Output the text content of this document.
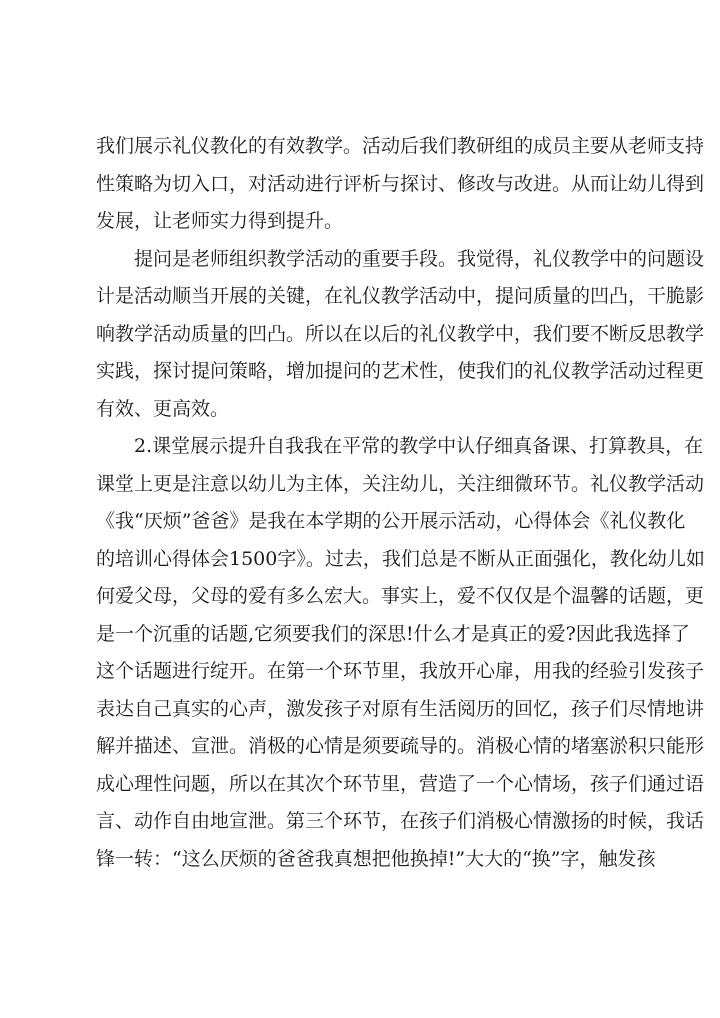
我们展示礼仪教化的有效教学。活动后我们教研组的成员主要从老师支持
性策略为切入口，对活动进行评析与探讨、修改与改进。从而让幼儿得到
发展，让老师实力得到提升。
提问是老师组织教学活动的重要手段。我觉得，礼仪教学中的问题设
计是活动顺当开展的关键，在礼仪教学活动中，提问质量的凹凸，干脆影
响教学活动质量的凹凸。所以在以后的礼仪教学中，我们要不断反思教学
实践，探讨提问策略，增加提问的艺术性，使我们的礼仪教学活动过程更
有效、更高效。
2.课堂展示提升自我我在平常的教学中认仔细真备课、打算教具，在
课堂上更是注意以幼儿为主体，关注幼儿，关注细微环节。礼仪教学活动
《我“厌烦”爸爸》是我在本学期的公开展示活动，心得体会《礼仪教化
的培训心得体会1500字》。过去，我们总是不断从正面强化，教化幼儿如
何爱父母，父母的爱有多么宏大。事实上，爱不仅仅是个温馨的话题，更
是一个沉重的话题,它须要我们的深思!什么才是真正的爱?因此我选择了
这个话题进行绽开。在第一个环节里，我放开心扉，用我的经验引发孩子
表达自己真实的心声，激发孩子对原有生活阅历的回忆，孩子们尽情地讲
解并描述、宣泄。消极的心情是须要疏导的。消极心情的堵塞淤积只能形
成心理性问题，所以在其次个环节里，营造了一个心情场，孩子们通过语
言、动作自由地宣泄。第三个环节，在孩子们消极心情激扬的时候，我话
锋一转：“这么厌烦的爸爸我真想把他换掉!”大大的“换”字，触发孩
